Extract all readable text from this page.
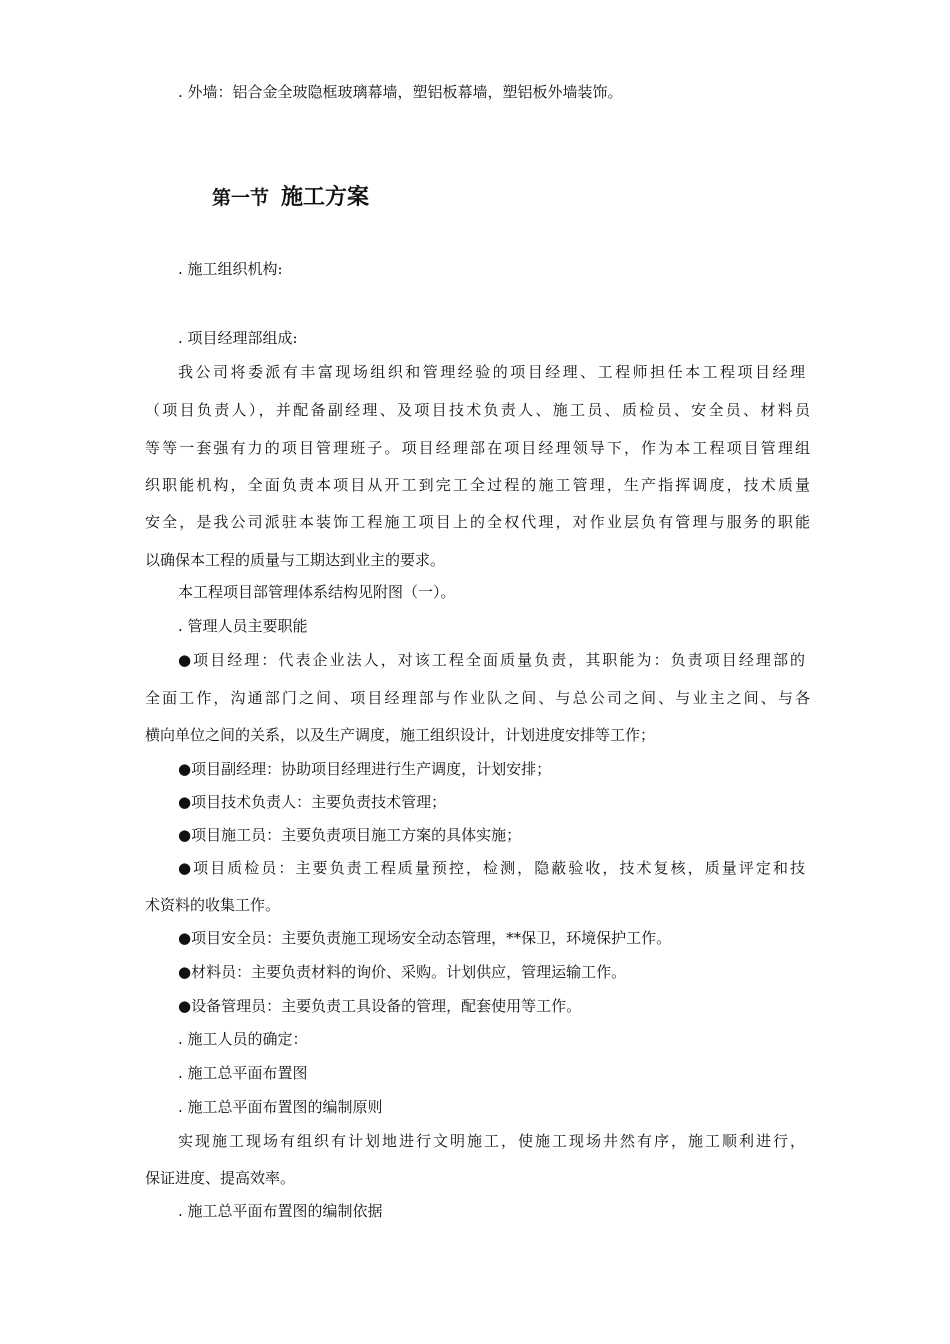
. 外墙：铝合金全玻隐框玻璃幕墙，塑铝板幕墙，塑铝板外墙装饰。
第一节 施工方案
. 施工组织机构:
. 项目经理部组成:
我公司将委派有丰富现场组织和管理经验的项目经理、工程师担任本工程项目经理
（项目负责人），并配备副经理、及项目技术负责人、施工员、质检员、安全员、材料员
等等一套强有力的项目管理班子。项目经理部在项目经理领导下，作为本工程项目管理组
织职能机构，全面负责本项目从开工到完工全过程的施工管理，生产指挥调度，技术质量
安全，是我公司派驻本装饰工程施工项目上的全权代理，对作业层负有管理与服务的职能
以确保本工程的质量与工期达到业主的要求。
本工程项目部管理体系结构见附图（一）。
. 管理人员主要职能
●项目经理：代表企业法人，对该工程全面质量负责，其职能为：负责项目经理部的
全面工作，沟通部门之间、项目经理部与作业队之间、与总公司之间、与业主之间、与各
横向单位之间的关系，以及生产调度，施工组织设计，计划进度安排等工作；
●项目副经理：协助项目经理进行生产调度，计划安排；
●项目技术负责人：主要负责技术管理；
●项目施工员：主要负责项目施工方案的具体实施；
●项目质检员：主要负责工程质量预控，检测，隐蔽验收，技术复核，质量评定和技
术资料的收集工作。
●项目安全员：主要负责施工现场安全动态管理，**保卫，环境保护工作。
●材料员：主要负责材料的询价、采购。计划供应，管理运输工作。
●设备管理员：主要负责工具设备的管理，配套使用等工作。
. 施工人员的确定：
. 施工总平面布置图
. 施工总平面布置图的编制原则
实现施工现场有组织有计划地进行文明施工，使施工现场井然有序，施工顺利进行，
保证进度、提高效率。
. 施工总平面布置图的编制依据
